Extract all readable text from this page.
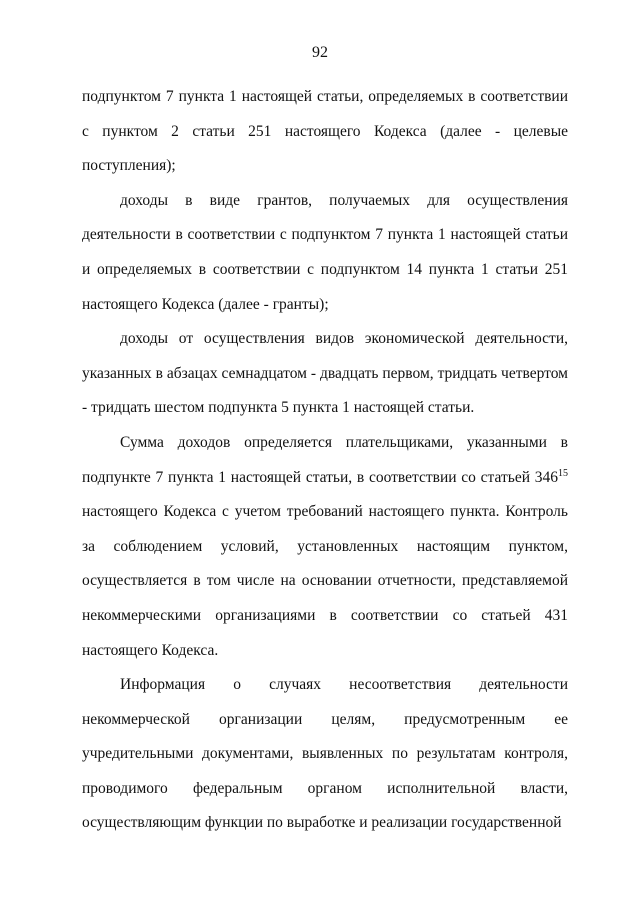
92

подпунктом 7 пункта 1 настоящей статьи, определяемых в соответствии с пунктом 2 статьи 251 настоящего Кодекса (далее - целевые поступления);

доходы в виде грантов, получаемых для осуществления деятельности в соответствии с подпунктом 7 пункта 1 настоящей статьи и определяемых в соответствии с подпунктом 14 пункта 1 статьи 251 настоящего Кодекса (далее - гранты);

доходы от осуществления видов экономической деятельности, указанных в абзацах семнадцатом - двадцать первом, тридцать четвертом - тридцать шестом подпункта 5 пункта 1 настоящей статьи.

Сумма доходов определяется плательщиками, указанными в подпункте 7 пункта 1 настоящей статьи, в соответствии со статьей $346^{15}$ настоящего Кодекса с учетом требований настоящего пункта. Контроль за соблюдением условий, установленных настоящим пунктом, осуществляется в том числе на основании отчетности, представляемой некоммерческими организациями в соответствии со статьей 431 настоящего Кодекса.

Информация о случаях несоответствия деятельности некоммерческой организации целям, предусмотренным ее учредительными документами, выявленных по результатам контроля, проводимого федеральным органом исполнительной власти, осуществляющим функции по выработке и реализации государственной
